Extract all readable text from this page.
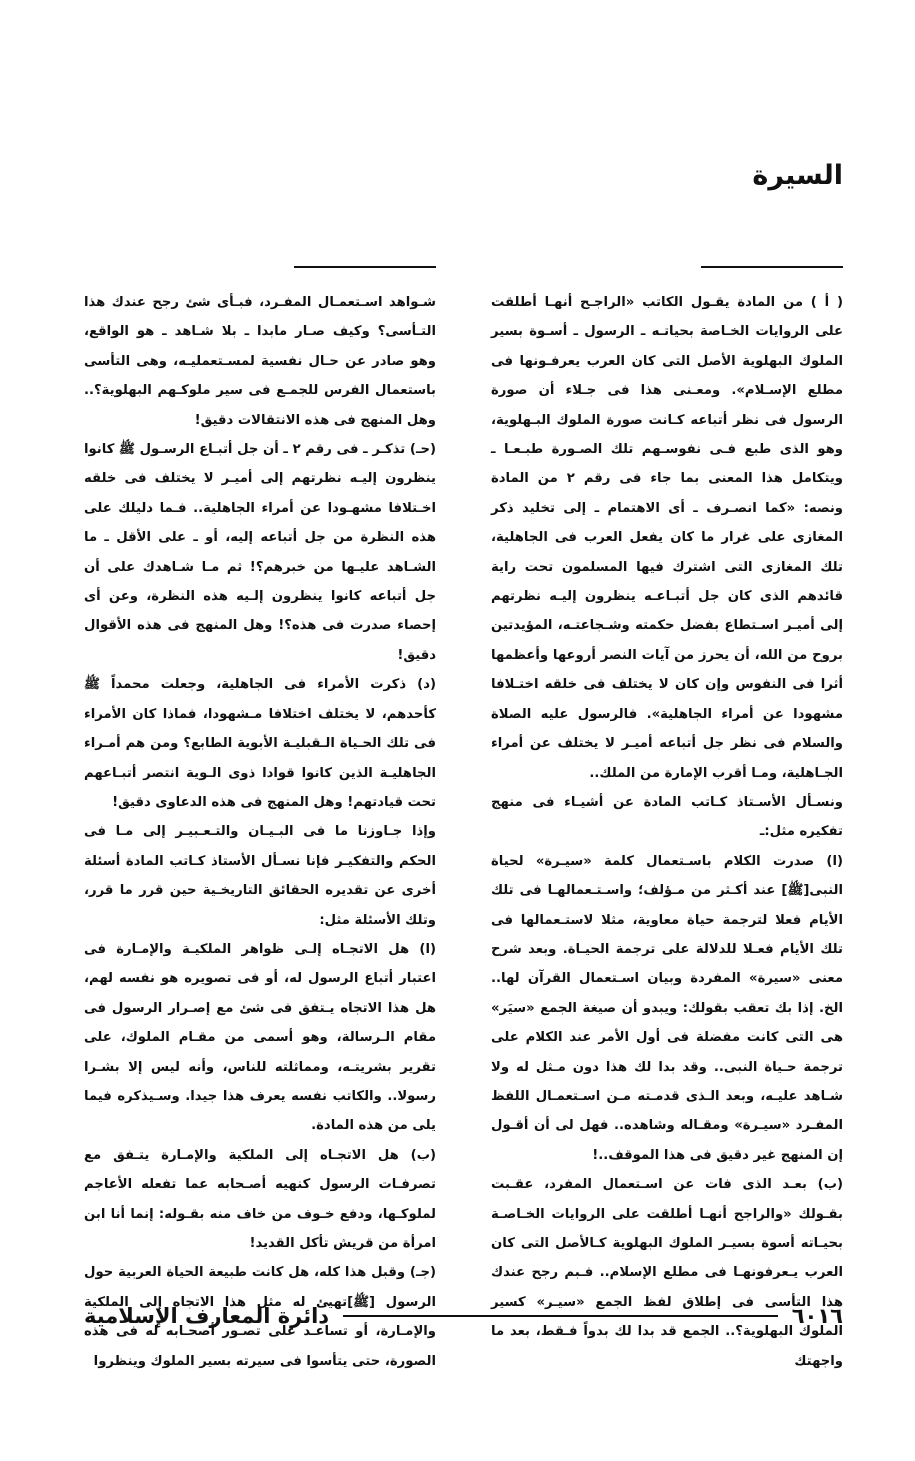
السيرة

( أ ) من المادة يقـول الكاتب «الراجـح أنهـا أطلقت على الروايات الخـاصة بحياتـه ـ الرسول ـ أسـوة بسير الملوك البهلوية الأصل التى كان العرب يعرفـونها فى مطلع الإسـلام». ومعـنى هذا فى جـلاء أن صورة الرسول فى نظر أتباعه كـانت صورة الملوك البـهلوية، وهو الذى طبع فـى نفوسـهم تلك الصـورة طبـعـا ـ ويتكامل هذا المعنى بما جاء فى رقم ٢ من المادة ونصه: «كما انصـرف ـ أى الاهتمام ـ إلى تخليد ذكر المغازى على غرار ما كان يفعل العرب فى الجاهلية، تلك المغازى التى اشترك فيها المسلمون تحت راية قائدهم الذى كان جل أتبـاعـه ينظرون إليـه نظرتهم إلى أميـر اسـتطاع بفضل حكمته وشـجاعتـه، المؤيدتين بروح من الله، أن يحرز من آيات النصر أروعها وأعظمها أثرا فى النفوس وإن كان لا يختلف فى خلقه اختـلافا مشهودا عن أمراء الجاهلية». فالرسول عليه الصلاة والسلام فى نظر جل أتباعه أميـر لا يختلف عن أمراء الجـاهلية، ومـا أقرب الإمارة من الملك..

ونسـأل الأسـتاذ كـاتب المادة عن أشيـاء فى منهج تفكيره مثل:ـ

(ا) صدرت الكلام باسـتعمال كلمة «سيـرة» لحياة النبى[ﷺ] عند أكـثر من مـؤلف؛ واسـتـعمالهـا فى تلك الأيام فعلا لترجمة حياة معاوية، مثلا لاستـعمالها فى تلك الأيام فعـلا للدلالة على ترجمة الحيـاة. وبعد شرح معنى «سيرة» المفردة وبيان اسـتعمال القرآن لها.. الخ. إذا بك تعقب بقولك: ويبدو أن صيغة الجمع «سيَر» هى التى كانت مفضلة فى أول الأمر عند الكلام على ترجمة حـياة النبى.. وقد بدا لك هذا دون مـثل له ولا شـاهد عليـه، وبعد الـذى قدمـته مـن اسـتعمـال اللفظ المفـرد «سيـرة» ومقـاله وشاهده.. فهل لى أن أقـول إن المنهج غير دقيق فى هذا الموقف..!

(ب) بعـد الذى فات عن اسـتعمال المفرد، عقـبت بقـولك «والراجح أنهـا أطلقت على الروايات الخـاصـة بحيـاته أسوة بسيـر الملوك البهلوية كـالأصل التى كان العرب يـعرفونهـا فى مطلع الإسلام.. فـبم رجح عندك هذا التأسى فى إطلاق لفظ الجمع «سيـر» كسير الملوك البهلوية؟.. الجمع قد بدا لك بدواً فـقط، بعد ما واجهتك

شـواهد اسـتعمـال المفـرد، فبـأى شئ رجح عندك هذا التـأسى؟ وكيف صـار مابدا ـ بلا شـاهد ـ هو الواقع، وهو صادر عن حـال نفسية لمسـتعمليـه، وهى التأسى باستعمال الفرس للجمـع فى سير ملوكـهم البهلوية؟.. وهل المنهج فى هذه الانتقالات دقيق!

(حـ) تذكـر ـ فى رقم ٢ ـ أن جل أتبـاع الرسـول ﷺ كانوا ينظرون إليـه نظرتهم إلى أميـر لا يختلف فى خلقه اخـتلافا مشهـودا عن أمراء الجاهلية.. فـما دليلك على هذه النظرة من جل أتباعه إليه، أو ـ على الأقل ـ ما الشـاهد عليـها من خبرهم؟! ثم مـا شـاهدك على أن جل أتباعه كانوا ينظرون إلـيه هذه النظرة، وعن أى إحصاء صدرت فى هذه؟! وهل المنهج فى هذه الأقوال دقيق!

(د) ذكرت الأمراء فى الجاهلية، وجعلت محمداً ﷺ كأحدهم، لا يختلف اختلافا مـشهودا، فماذا كان الأمراء فى تلك الحـياة الـقبليـة الأبوية الطابع؟ ومن هم أمـراء الجاهليـة الذين كانوا قوادا ذوى الـوية انتصر أتبـاعهم تحت قيادتهم! وهل المنهج فى هذه الدعاوى دقيق!

وإذا جـاوزنا ما فى البـيـان والتـعـبيـر إلى مـا فى الحكم والتفكيـر فإنا نسـأل الأستاذ كـاتب المادة أسئلة أخرى عن تقديره الحقائق التاريخـية حين قرر ما قرر، وتلك الأسئلة مثل:

(ا) هل الاتجـاه إلـى ظواهر الملكيـة والإمـارة فى اعتبار أتباع الرسول له، أو فى تصويره هو نفسه لهم، هل هذا الاتجاه يـتفق فى شئ مع إصـرار الرسول فى مقام الـرسالة، وهو أسمى من مقـام الملوك، على تقرير بشريتـه، ومماثلته للناس، وأنه ليس إلا بشـرا رسولا.. والكاتب نفسه يعرف هذا جيدا. وسـيذكره فيما يلى من هذه المادة.

(ب) هل الاتجـاه إلى الملكية والإمـارة يتـفق مع تصرفـات الرسول كنهيه أصـحابه عما تفعله الأعاجم لملوكـها، ودفع خـوف من خاف منه بقـوله: إنما أنا ابن امرأة من قريش تأكل القديد!

(جـ) وقبل هذا كله، هل كانت طبيعة الحياة العربية حول الرسول [ﷺ]تهيئ له مثل هذا الاتجاه إلى الملكية والإمـارة، أو تساعـد على تصـور أصحـابه له فى هذه الصورة، حتى يتأسوا فى سيرته بسير الملوك وينظروا

٦٠١٦
دائرة المعارف الإسلامية
